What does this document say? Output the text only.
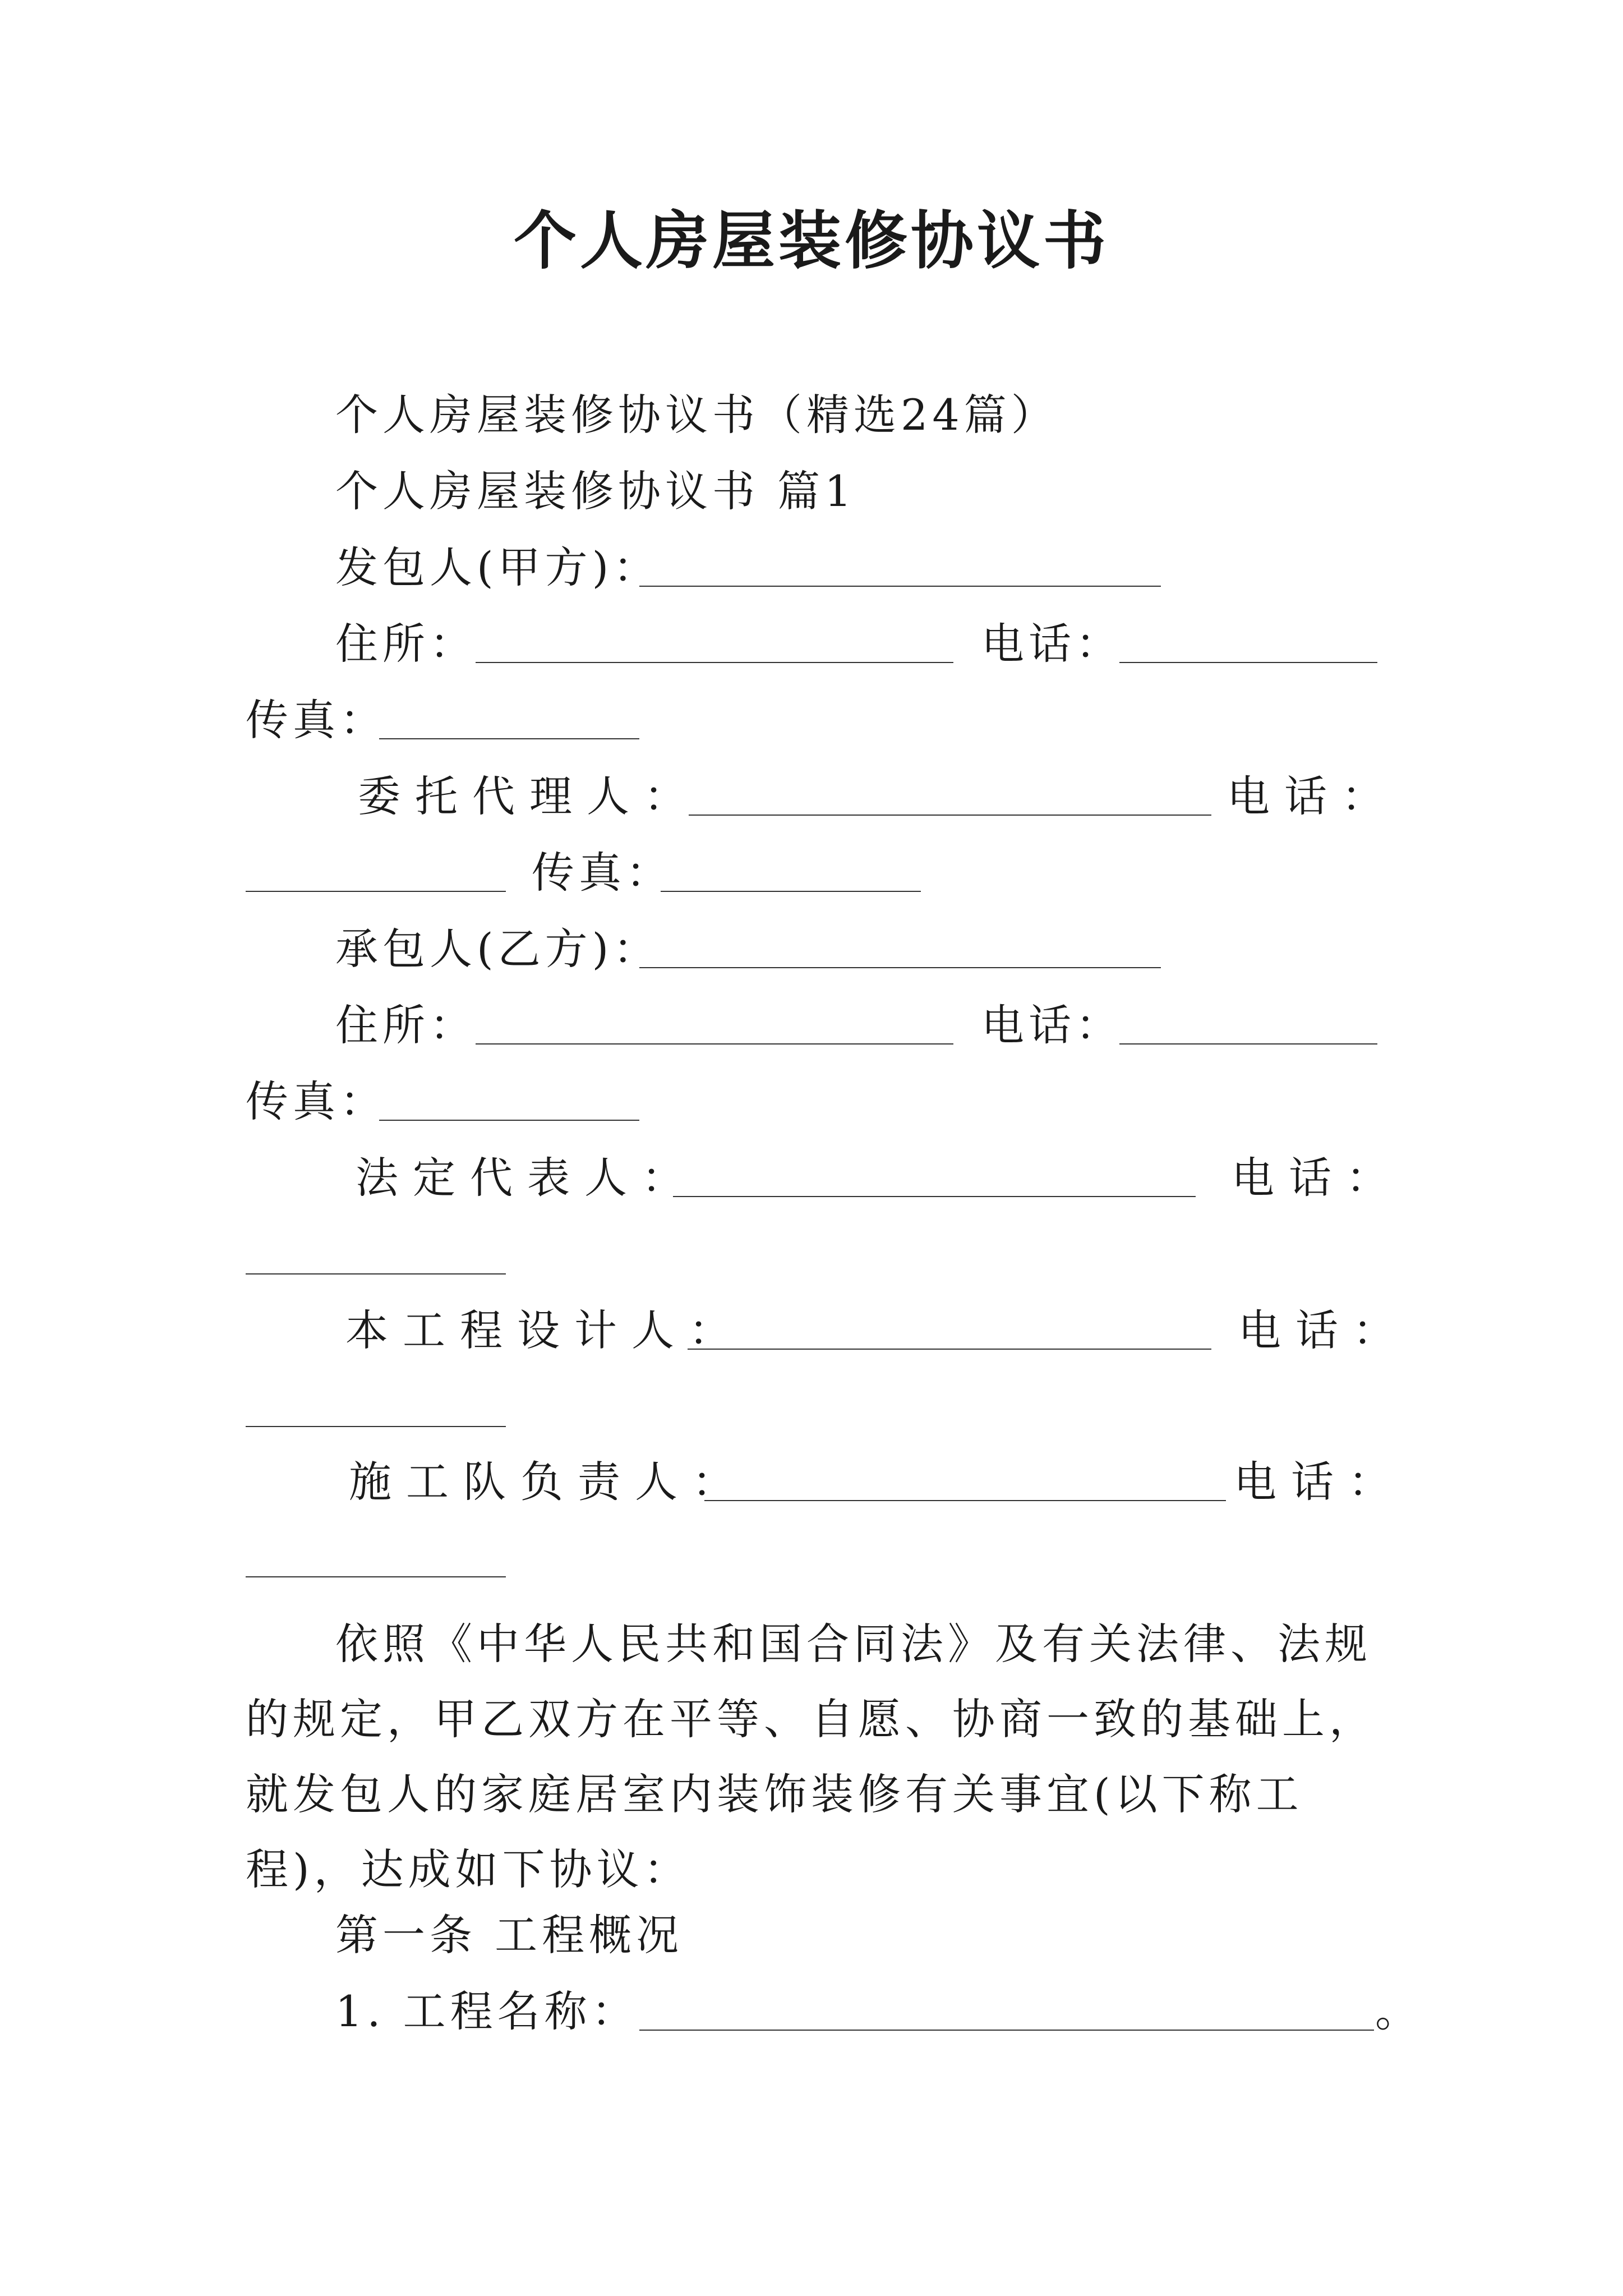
个人房屋装修协议书
个人房屋装修协议书（精选24篇）
个人房屋装修协议书 篇1
发包人(甲方)：
住所：	电话：
传真：
委托代理人：	电话：
传真：
承包人(乙方)：
住所：	电话：
传真：
法定代表人：	电话：
本工程设计人：	电话：
施工队负责人：	电话：
依照《中华人民共和国合同法》及有关法律、法规的规定，甲乙双方在平等、自愿、协商一致的基础上，就发包人的家庭居室内装饰装修有关事宜(以下称工程)，达成如下协议：
第一条 工程概况
1. 工程名称：	。
